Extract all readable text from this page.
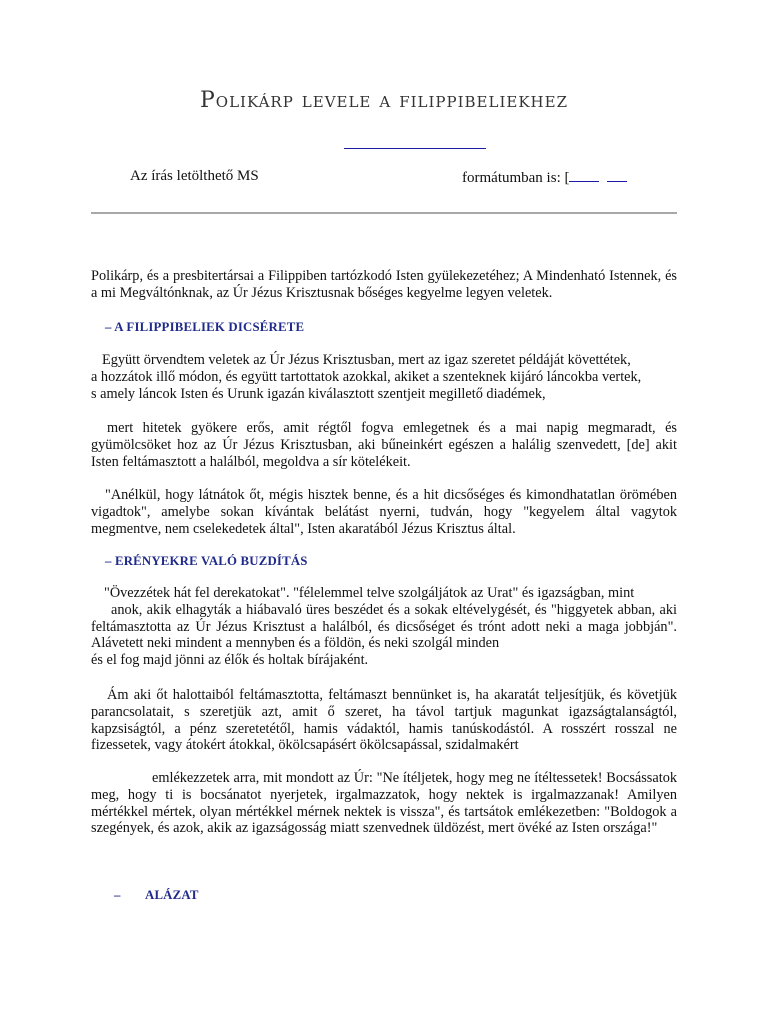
Polikárp levele a filippibeliekhez
Az írás letölthető MS	formátumban is: [
Polikárp, és a presbitertársai a Filippiben tartózkodó Isten gyülekezetéhez; A Mindenható Istennek, és a mi Megváltónknak, az Úr Jézus Krisztusnak bőséges kegyelme legyen veletek.
– A FILIPPIBELIEK DICSÉRETE
Együtt örvendtem veletek az Úr Jézus Krisztusban, mert az igaz szeretet példáját követtétek,
a hozzátok illő módon, és együtt tartottatok azokkal, akiket a szenteknek kijáró láncokba vertek,
s amely láncok Isten és Urunk igazán kiválasztott szentjeit megillető diadémek,
mert hitetek gyökere erős, amit régtől fogva emlegetnek és a mai napig megmaradt, és gyümölcsöket hoz az Úr Jézus Krisztusban, aki bűneinkért egészen a halálig szenvedett, [de] akit Isten feltámasztott a halálból, megoldva a sír kötelékeit.
"Anélkül, hogy látnátok őt, mégis hisztek benne, és a hit dicsőséges és kimondhatatlan örömében vigadtok", amelybe sokan kívántak belátást nyerni, tudván, hogy "kegyelem által vagytok megmentve, nem cselekedetek által", Isten akaratából Jézus Krisztus által.
– ERÉNYEKRE VALÓ BUZDÍTÁS
"Övezzétek hát fel derekatokat". "félelemmel telve szolgáljátok az Urat" és igazságban, mint
anok, akik elhagyták a hiábavaló üres beszédet és a sokak eltévelygését, és "higgyetek abban, aki feltámasztotta az Úr Jézus Krisztust a halálból, és dicsőséget és trónt adott neki a maga jobbján". Alávetett neki mindent a mennyben és a földön, és neki szolgál minden
és el fog majd jönni az élők és holtak bírájaként.
Ám aki őt halottaiból feltámasztotta, feltámaszt bennünket is, ha akaratát teljesítjük, és követjük parancsolatait, s szeretjük azt, amit ő szeret, ha távol tartjuk magunkat igazságtalanságtól, kapzsiságtól, a pénz szeretetétől, hamis vádaktól, hamis tanúskodástól. A rosszért rosszal ne fizessetek, vagy átokért átokkal, ökölcsapásért ökölcsapással, szidalmakért
emlékezzetek arra, mit mondott az Úr: "Ne ítéljetek, hogy meg ne ítéltessetek! Bocsássatok meg, hogy ti is bocsánatot nyerjetek, irgalmazzatok, hogy nektek is irgalmazzanak! Amilyen mértékkel mértek, olyan mértékkel mérnek nektek is vissza", és tartsátok emlékezetben: "Boldogok a szegények, és azok, akik az igazságosság miatt szenvednek üldözést, mert övéké az Isten országa!"
– ALÁZAT
